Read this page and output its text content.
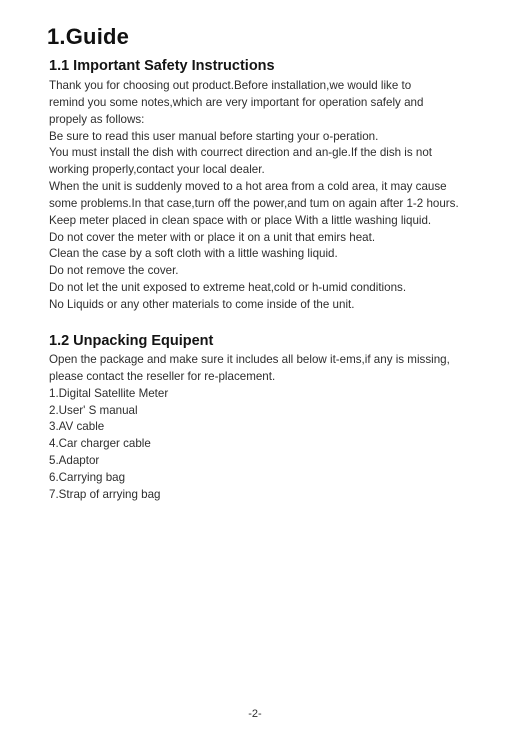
1.Guide
1.1 Important Safety Instructions
Thank you for choosing out product.Before installation,we would like to
remind you some notes,which are very important for operation safely and
propely as follows:
Be sure to read this user manual before starting your o-peration.
You must install the dish with courrect direction and an-gle.If the dish is not
working properly,contact your local dealer.
When the unit is suddenly moved to a hot area from a cold area, it may cause
some problems.In that case,turn off the power,and tum on again after 1-2 hours.
Keep meter placed in clean space with or place With a little washing liquid.
Do not cover the meter with or place it on a unit that emirs heat.
Clean the case by a soft cloth with a little washing liquid.
Do not remove the cover.
Do not let the unit exposed to extreme heat,cold or h-umid conditions.
No Liquids or any other materials to come inside of the unit.
1.2 Unpacking Equipent
Open the package and make sure it includes all below it-ems,if any is missing,
please contact the reseller for re-placement.
1.Digital Satellite Meter
2.User' S manual
3.AV cable
4.Car charger cable
5.Adaptor
6.Carrying bag
7.Strap of arrying bag
-2-
